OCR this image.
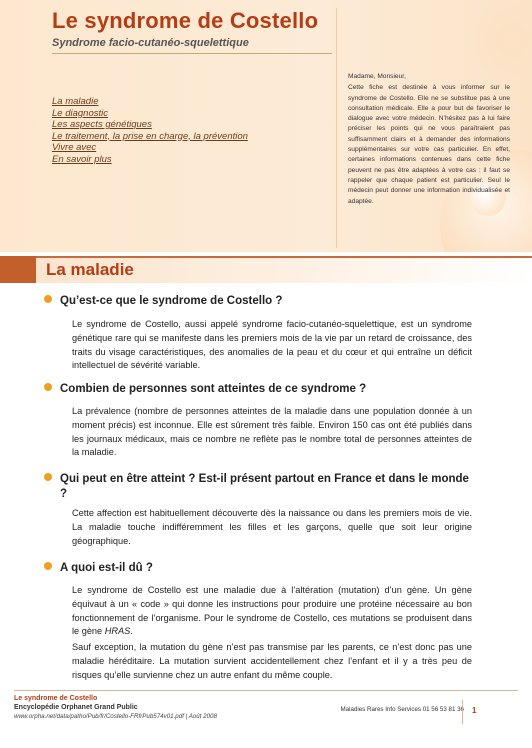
Le syndrome de Costello
Syndrome facio-cutanéo-squelettique
La maladie
Le diagnostic
Les aspects génétiques
Le traitement, la prise en charge, la prévention
Vivre avec
En savoir plus

Madame, Monsieur,

Cette fiche est destinée à vous informer sur le syndrome de Costello. Elle ne se substitue pas à une consultation médicale. Elle a pour but de favoriser le dialogue avec votre médecin. N’hésitez pas à lui faire préciser les points qui ne vous paraîtraient pas suffisamment clairs et à demander des informations supplémentaires sur votre cas particulier. En effet, certaines informations contenues dans cette fiche peuvent ne pas être adaptées à votre cas : il faut se rappeler que chaque patient est particulier. Seul le médecin peut donner une information individualisée et adaptée.

La maladie
Qu’est-ce que le syndrome de Costello ?
Le syndrome de Costello, aussi appelé syndrome facio-cutanéo-squelettique, est un syndrome génétique rare qui se manifeste dans les premiers mois de la vie par un retard de croissance, des traits du visage caractéristiques, des anomalies de la peau et du cœur et qui entraîne un déficit intellectuel de sévérité variable.
Combien de personnes sont atteintes de ce syndrome ?
La prévalence (nombre de personnes atteintes de la maladie dans une population donnée à un moment précis) est inconnue. Elle est sûrement très faible. Environ 150 cas ont été publiés dans les journaux médicaux, mais ce nombre ne reflète pas le nombre total de personnes atteintes de la maladie.
Qui peut en être atteint ? Est-il présent partout en France et dans le monde ?
Cette affection est habituellement découverte dès la naissance ou dans les premiers mois de vie. La maladie touche indifféremment les filles et les garçons, quelle que soit leur origine géographique.
A quoi est-il dû ?
Le syndrome de Costello est une maladie due à l’altération (mutation) d’un gène. Un gène équivaut à un « code » qui donne les instructions pour produire une protéine nécessaire au bon fonctionnement de l’organisme. Pour le syndrome de Costello, ces mutations se produisent dans le gène HRAS.
Sauf exception, la mutation du gène n’est pas transmise par les parents, ce n’est donc pas une maladie héréditaire. La mutation survient accidentellement chez l’enfant et il y a très peu de risques qu’elle survienne chez un autre enfant du même couple.
Le syndrome de Costello
Encyclopédie Orphanet Grand Public
www.orpha.net/data/patho/Pub/fr/Costello-FRfrPub574v01.pdf | Août 2008
Maladies Rares Info Services 01 56 53 81 36 1
